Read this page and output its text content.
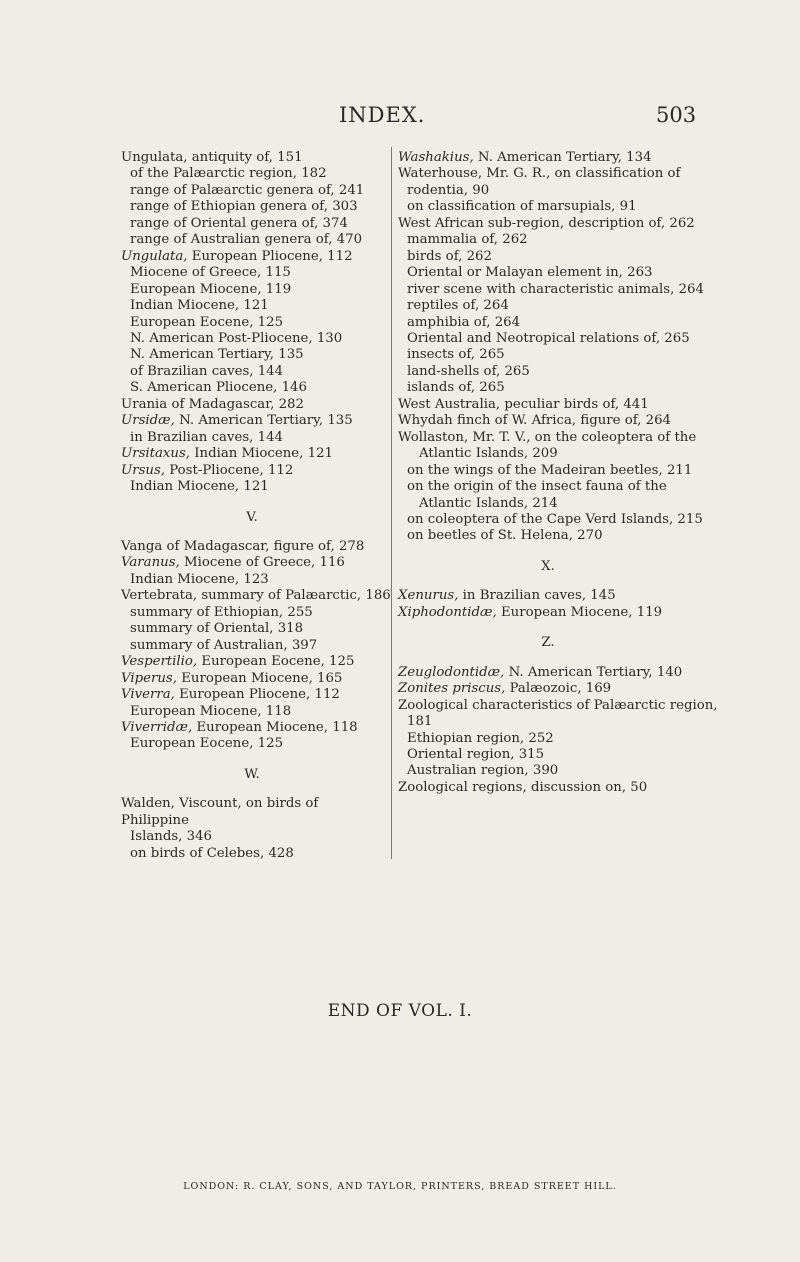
INDEX.	503
Ungulata, antiquity of, 151
of the Palæarctic region, 182
range of Palæarctic genera of, 241
range of Ethiopian genera of, 303
range of Oriental genera of, 374
range of Australian genera of, 470
Ungulata, European Pliocene, 112
Miocene of Greece, 115
European Miocene, 119
Indian Miocene, 121
European Eocene, 125
N. American Post-Pliocene, 130
N. American Tertiary, 135
of Brazilian caves, 144
S. American Pliocene, 146
Urania of Madagascar, 282
Ursidæ, N. American Tertiary, 135
in Brazilian caves, 144
Ursitaxus, Indian Miocene, 121
Ursus, Post-Pliocene, 112
Indian Miocene, 121
V.
Vanga of Madagascar, figure of, 278
Varanus, Miocene of Greece, 116
Indian Miocene, 123
Vertebrata, summary of Palæarctic, 186
summary of Ethiopian, 255
summary of Oriental, 318
summary of Australian, 397
Vespertilio, European Eocene, 125
Viperus, European Miocene, 165
Viverra, European Pliocene, 112
European Miocene, 118
Viverridæ, European Miocene, 118
European Eocene, 125
W.
Walden, Viscount, on birds of Philippine
Islands, 346
on birds of Celebes, 428
Washakius, N. American Tertiary, 134
Waterhouse, Mr. G. R., on classification of
rodentia, 90
on classification of marsupials, 91
West African sub-region, description of, 262
mammalia of, 262
birds of, 262
Oriental or Malayan element in, 263
river scene with characteristic animals, 264
reptiles of, 264
amphibia of, 264
Oriental and Neotropical relations of, 265
insects of, 265
land-shells of, 265
islands of, 265
West Australia, peculiar birds of, 441
Whydah finch of W. Africa, figure of, 264
Wollaston, Mr. T. V., on the coleoptera of the
Atlantic Islands, 209
on the wings of the Madeiran beetles, 211
on the origin of the insect fauna of the
Atlantic Islands, 214
on coleoptera of the Cape Verd Islands, 215
on beetles of St. Helena, 270
X.
Xenurus, in Brazilian caves, 145
Xiphodontidæ, European Miocene, 119
Z.
Zeuglodontidæ, N. American Tertiary, 140
Zonites priscus, Palæozoic, 169
Zoological characteristics of Palæarctic region,
181
Ethiopian region, 252
Oriental region, 315
Australian region, 390
Zoological regions, discussion on, 50
END OF VOL. I.
LONDON: R. CLAY, SONS, AND TAYLOR, PRINTERS, BREAD STREET HILL.
